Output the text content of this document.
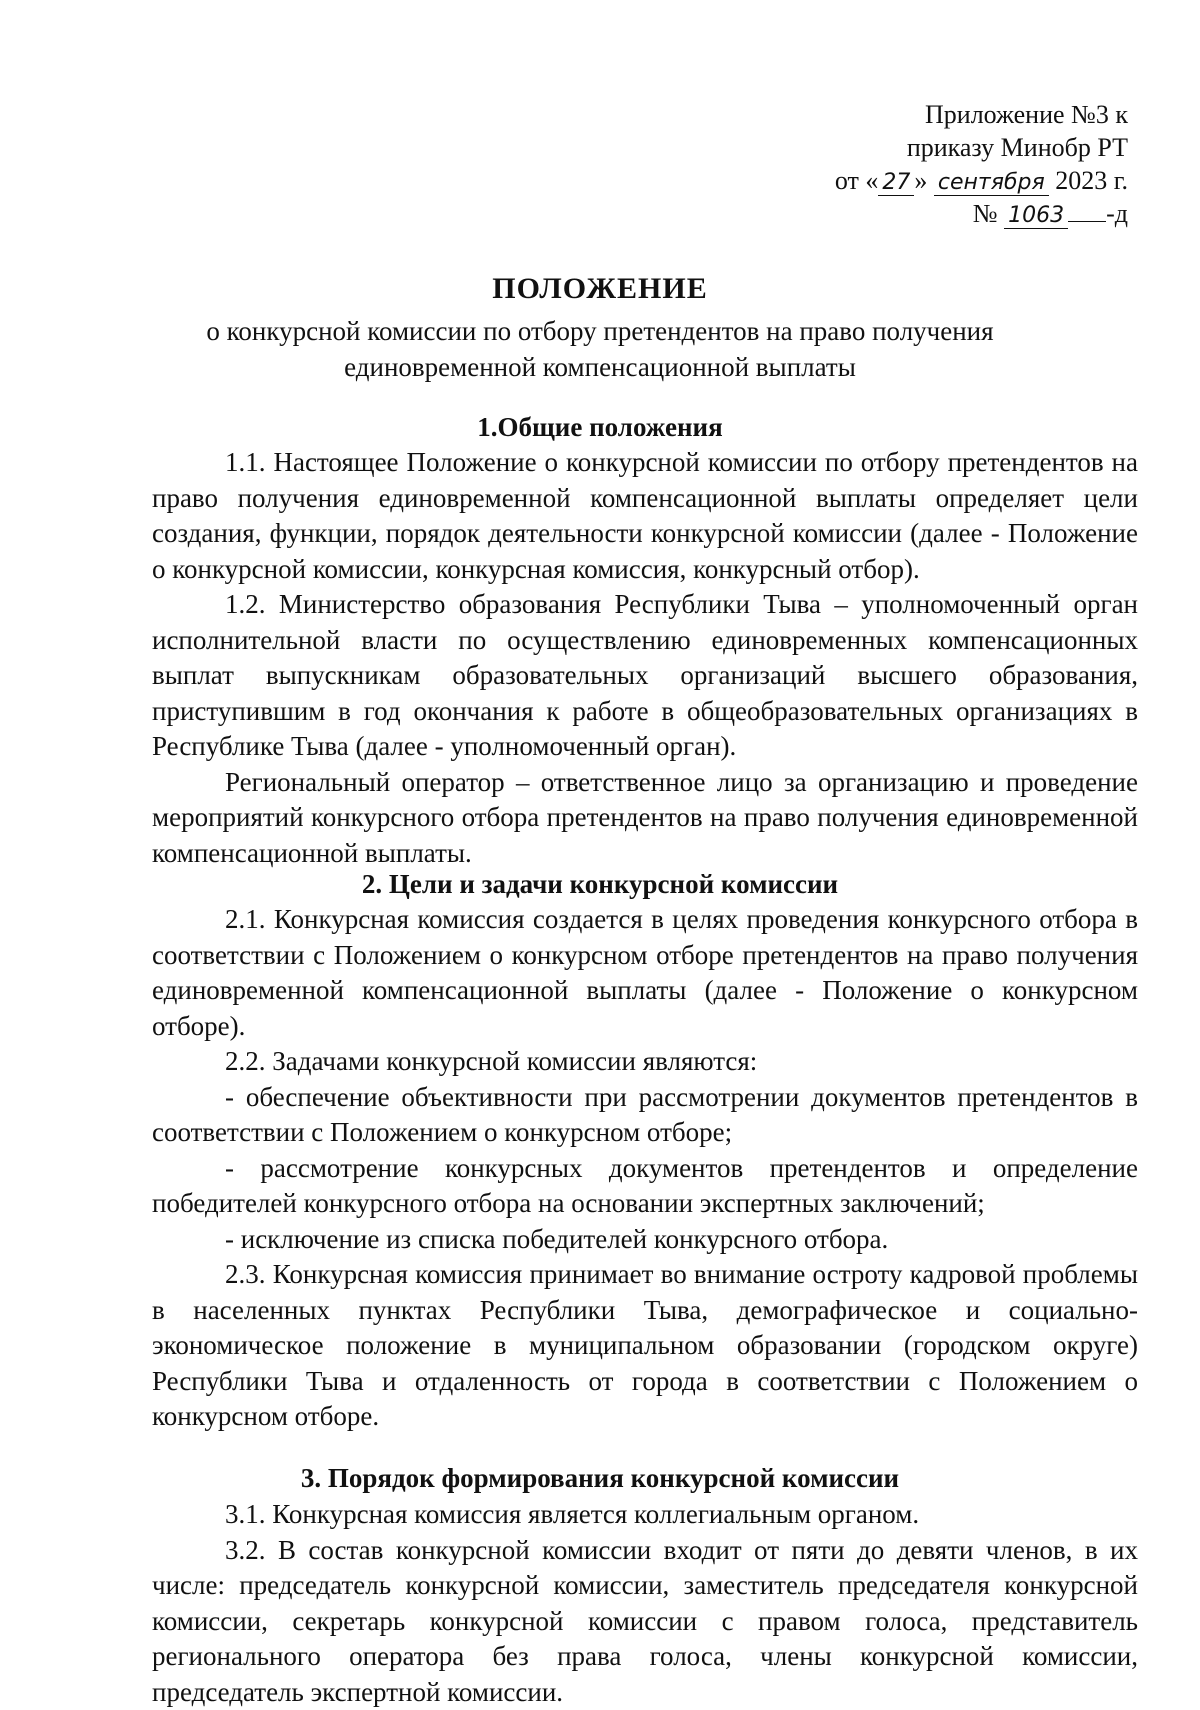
Приложение №3 к
приказу Минобр РТ
от « 27 » сентября 2023 г.
№ 1063 -д
ПОЛОЖЕНИЕ
о конкурсной комиссии по отбору претендентов на право получения единовременной компенсационной выплаты
1.Общие положения

1.1. Настоящее Положение о конкурсной комиссии по отбору претендентов на право получения единовременной компенсационной выплаты определяет цели создания, функции, порядок деятельности конкурсной комиссии (далее - Положение о конкурсной комиссии, конкурсная комиссия, конкурсный отбор).

1.2. Министерство образования Республики Тыва – уполномоченный орган исполнительной власти по осуществлению единовременных компенсационных выплат выпускникам образовательных организаций высшего образования, приступившим в год окончания к работе в общеобразовательных организациях в Республике Тыва (далее - уполномоченный орган).

Региональный оператор – ответственное лицо за организацию и проведение мероприятий конкурсного отбора претендентов на право получения единовременной компенсационной выплаты.

2. Цели и задачи конкурсной комиссии

2.1. Конкурсная комиссия создается в целях проведения конкурсного отбора в соответствии с Положением о конкурсном отборе претендентов на право получения единовременной компенсационной выплаты (далее - Положение о конкурсном отборе).

2.2. Задачами конкурсной комиссии являются:

- обеспечение объективности при рассмотрении документов претендентов в соответствии с Положением о конкурсном отборе;

- рассмотрение конкурсных документов претендентов и определение победителей конкурсного отбора на основании экспертных заключений;

- исключение из списка победителей конкурсного отбора.

2.3. Конкурсная комиссия принимает во внимание остроту кадровой проблемы в населенных пунктах Республики Тыва, демографическое и социально-экономическое положение в муниципальном образовании (городском округе) Республики Тыва и отдаленность от города в соответствии с Положением о конкурсном отборе.

3. Порядок формирования конкурсной комиссии

3.1. Конкурсная комиссия является коллегиальным органом.

3.2. В состав конкурсной комиссии входит от пяти до девяти членов, в их числе: председатель конкурсной комиссии, заместитель председателя конкурсной комиссии, секретарь конкурсной комиссии с правом голоса, представитель регионального оператора без права голоса, члены конкурсной комиссии, председатель экспертной комиссии.
